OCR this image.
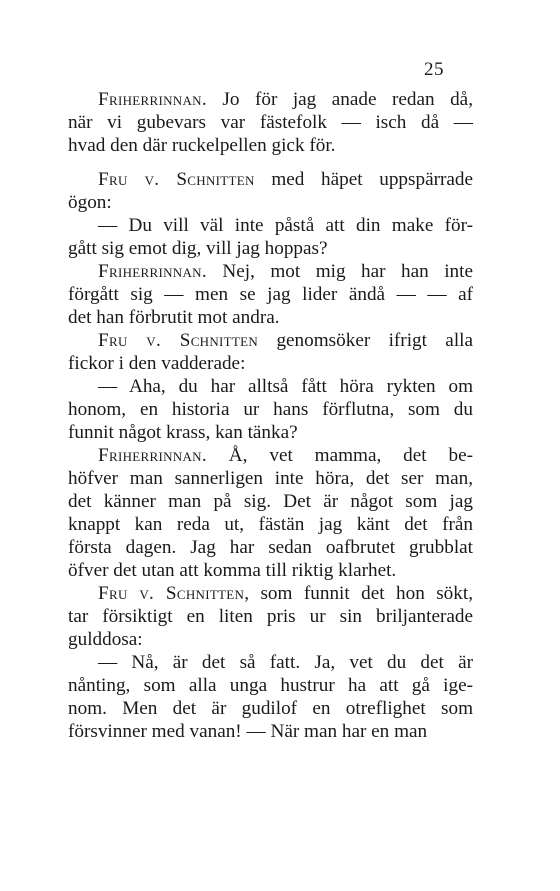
25
Friherrinnan. Jo för jag anade redan då,
när vi gubevars var fästefolk — isch då —
hvad den där ruckelpellen gick för.
Fru v. Schnitten med häpet uppspärrade
ögon:
— Du vill väl inte påstå att din make för-
gått sig emot dig, vill jag hoppas?
Friherrinnan. Nej, mot mig har han inte
förgått sig — men se jag lider ändå — — af
det han förbrutit mot andra.
Fru v. Schnitten genomsöker ifrigt alla
fickor i den vadderade:
— Aha, du har alltså fått höra rykten om
honom, en historia ur hans förflutna, som du
funnit något krass, kan tänka?
Friherrinnan. Å, vet mamma, det be-
höfver man sannerligen inte höra, det ser man,
det känner man på sig. Det är något som jag
knappt kan reda ut, fästän jag känt det från
första dagen. Jag har sedan oafbrutet grubblat
öfver det utan att komma till riktig klarhet.
Fru v. Schnitten, som funnit det hon sökt,
tar försiktigt en liten pris ur sin briljanterade
gulddosa:
— Nå, är det så fatt. Ja, vet du det är
nånting, som alla unga hustrur ha att gå ige-
nom. Men det är gudilof en otreflighet som
försvinner med vanan! — När man har en man
